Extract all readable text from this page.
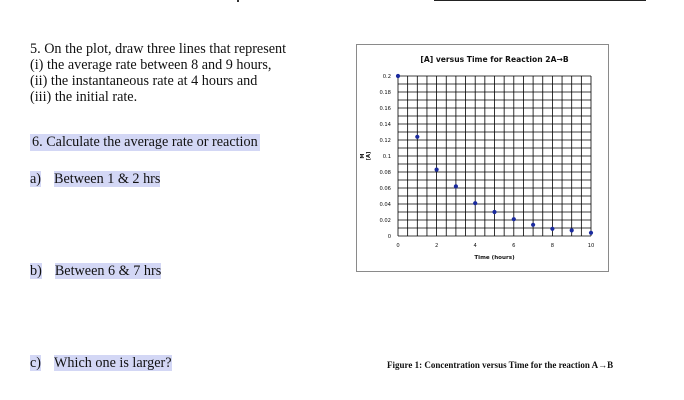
5. On the plot, draw three lines that represent
(i) the average rate between 8 and 9 hours,
(ii) the instantaneous rate at 4 hours and
(iii) the initial rate.
6. Calculate the average rate or reaction
a) Between 1 & 2 hrs
b) Between 6 & 7 hrs
c) Which one is larger?
[A] versus Time for Reaction 2A→B
0
0.02
0.04
0.06
0.08
0.1
0.12
0.14
0.16
0.18
0.2
0	2	4	6	8	10
Time (hours)
M[A]
Figure 1: Concentration versus Time for the reaction A→B
